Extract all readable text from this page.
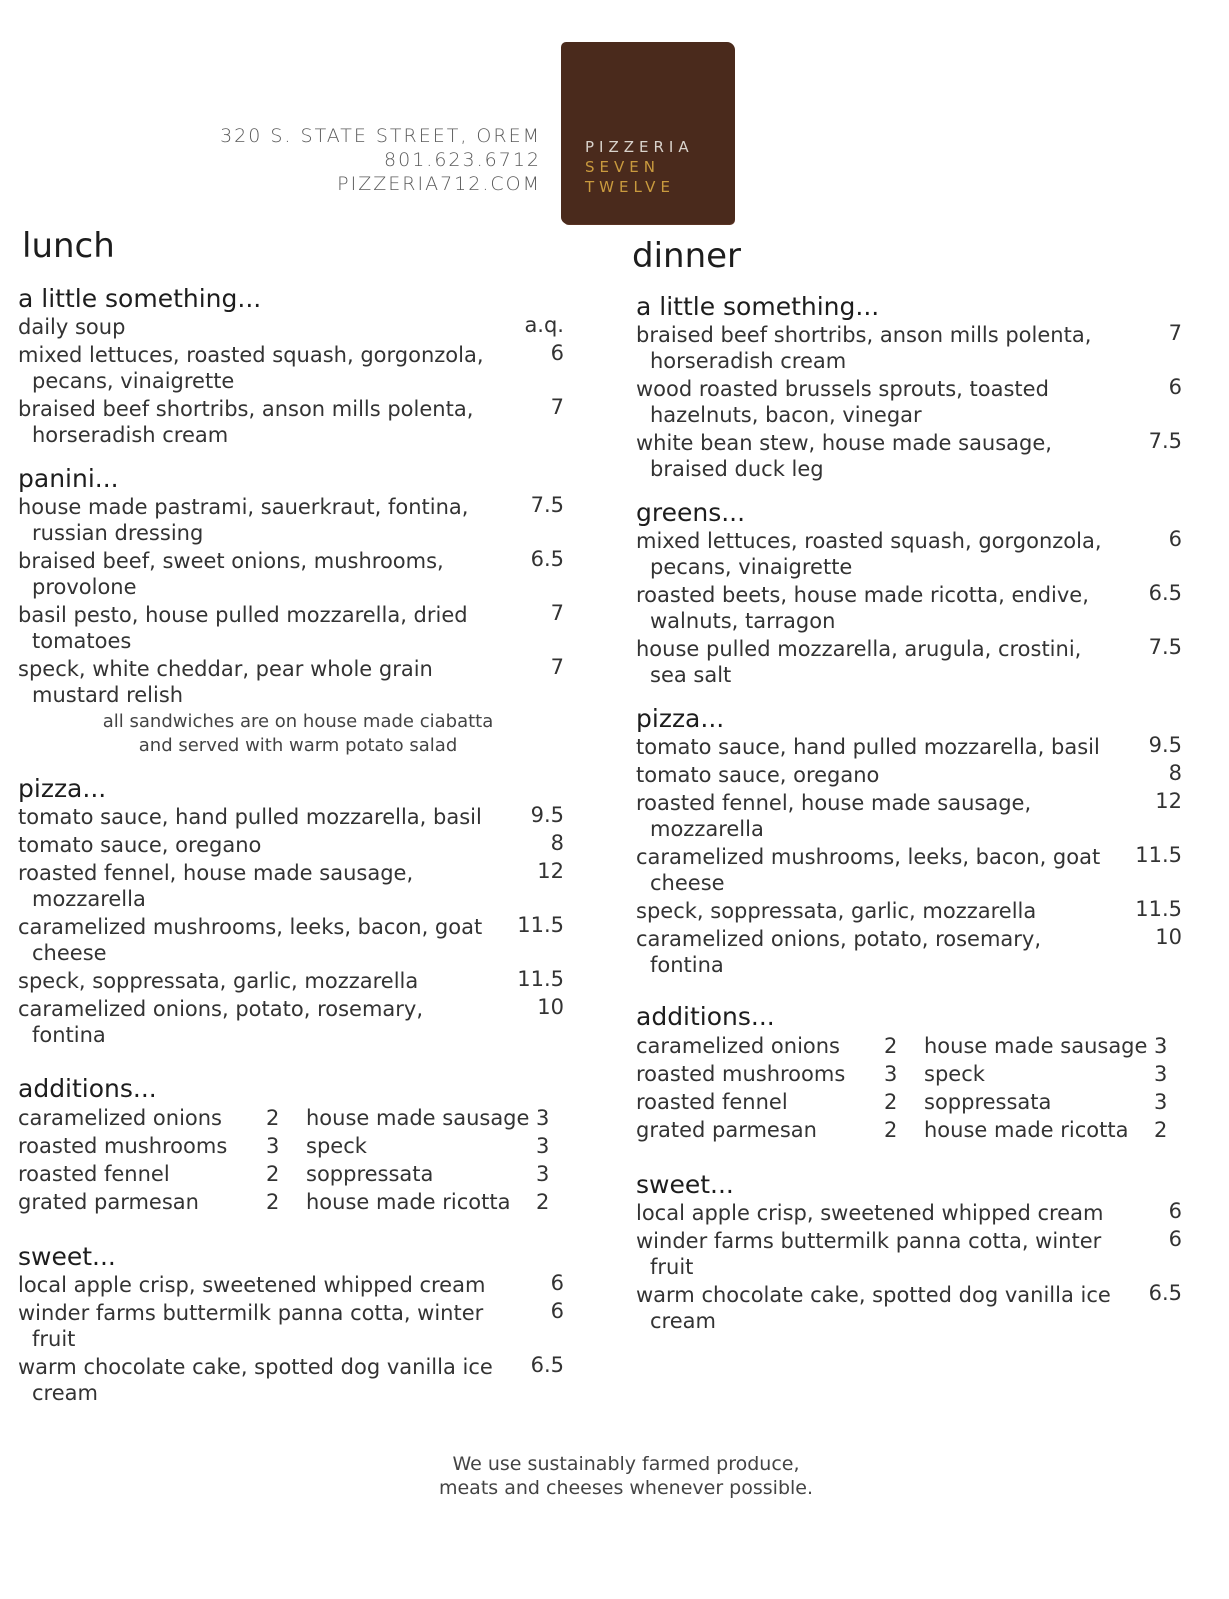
320 S. STATE STREET, OREM
801.623.6712
PIZZERIA712.COM
PIZZERIA
SEVEN
TWELVE
lunch
a little something...
daily soup	a.q.
mixed lettuces, roasted squash, gorgonzola, pecans, vinaigrette
6
braised beef shortribs, anson mills polenta, horseradish cream
7
panini...
house made pastrami, sauerkraut, fontina, russian dressing
7.5
braised beef, sweet onions, mushrooms, provolone
6.5
basil pesto, house pulled mozzarella, dried tomatoes
7
speck, white cheddar, pear whole grain mustard relish
7
all sandwiches are on house made ciabatta
and served with warm potato salad
pizza...
tomato sauce, hand pulled mozzarella, basil	9.5
tomato sauce, oregano	8
roasted fennel, house made sausage, mozzarella
12
caramelized mushrooms, leeks, bacon, goat cheese
11.5
speck, soppressata, garlic, mozzarella	11.5
caramelized onions, potato, rosemary, fontina
10
additions...
caramelized onions	2	house made sausage 3
roasted mushrooms	3	speck	3
roasted fennel	2	soppressata	3
grated parmesan	2	house made ricotta	2
sweet...
local apple crisp, sweetened whipped cream	6
winder farms buttermilk panna cotta, winter fruit
6
warm chocolate cake, spotted dog vanilla ice cream
6.5
dinner
a little something...
braised beef shortribs, anson mills polenta, horseradish cream
7
wood roasted brussels sprouts, toasted hazelnuts, bacon, vinegar
6
white bean stew, house made sausage, braised duck leg
7.5
greens...
mixed lettuces, roasted squash, gorgonzola, pecans, vinaigrette
6
roasted beets, house made ricotta, endive, walnuts, tarragon
6.5
house pulled mozzarella, arugula, crostini, sea salt
7.5
pizza...
tomato sauce, hand pulled mozzarella, basil	9.5
tomato sauce, oregano	8
roasted fennel, house made sausage, mozzarella
12
caramelized mushrooms, leeks, bacon, goat cheese
11.5
speck, soppressata, garlic, mozzarella	11.5
caramelized onions, potato, rosemary, fontina
10
additions...
caramelized onions	2	house made sausage 3
roasted mushrooms	3	speck	3
roasted fennel	2	soppressata	3
grated parmesan	2	house made ricotta	2
sweet...
local apple crisp, sweetened whipped cream	6
winder farms buttermilk panna cotta, winter fruit
6
warm chocolate cake, spotted dog vanilla ice cream
6.5
We use sustainably farmed produce,
meats and cheeses whenever possible.
